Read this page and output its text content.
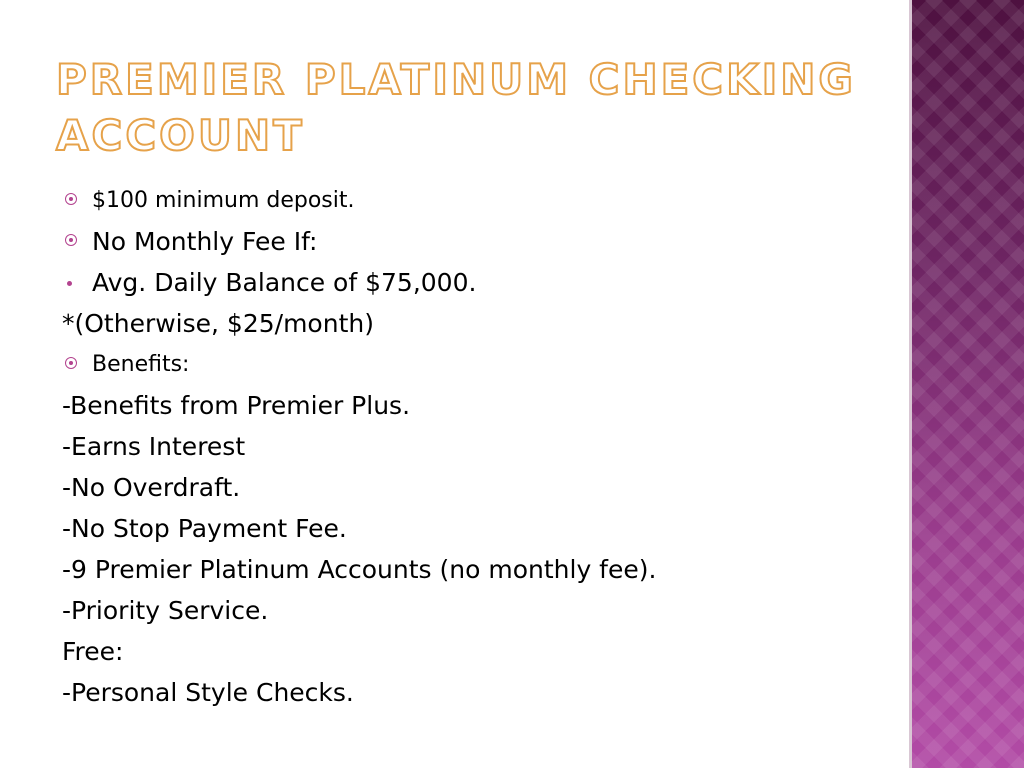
PREMIER PLATINUM CHECKING ACCOUNT
$100 minimum deposit.
No Monthly Fee If:
Avg. Daily Balance of $75,000.
*(Otherwise, $25/month)
Benefits:
-Benefits from Premier Plus.
-Earns Interest
-No Overdraft.
-No Stop Payment Fee.
-9 Premier Platinum Accounts (no monthly fee).
-Priority Service.
Free:
-Personal Style Checks.
